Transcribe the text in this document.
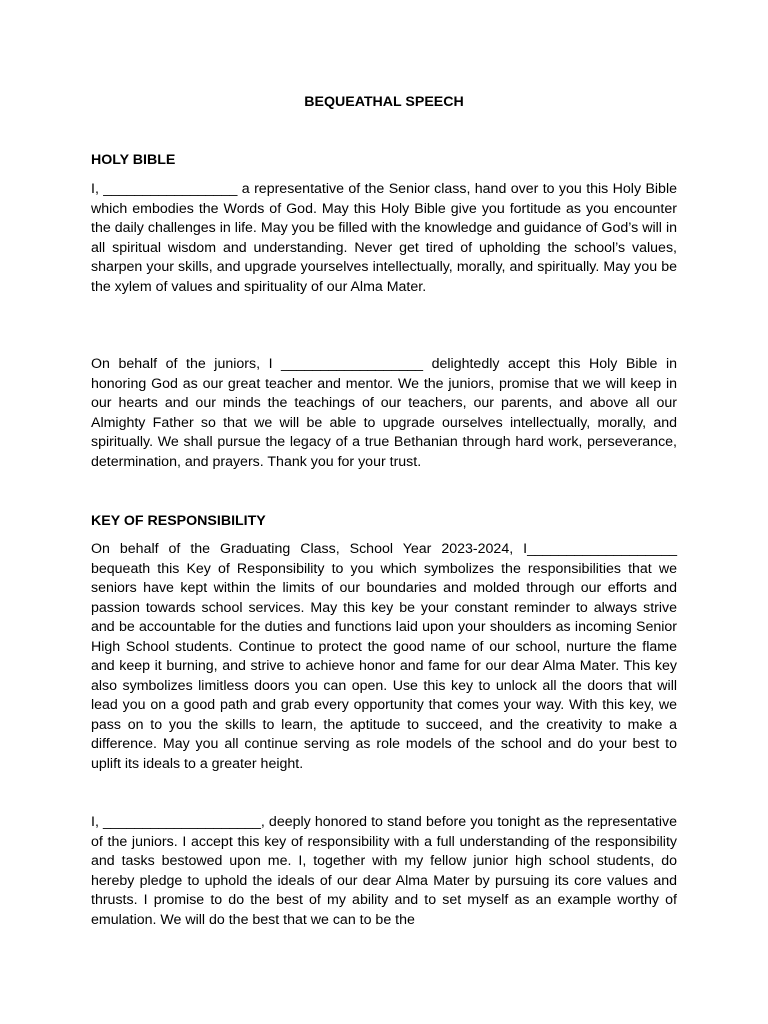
BEQUEATHAL SPEECH
HOLY BIBLE

I, _________________ a representative of the Senior class, hand over to you this Holy Bible which embodies the Words of God. May this Holy Bible give you fortitude as you encounter the daily challenges in life. May you be filled with the knowledge and guidance of God’s will in all spiritual wisdom and understanding. Never get tired of upholding the school’s values, sharpen your skills, and upgrade yourselves intellectually, morally, and spiritually. May you be the xylem of values and spirituality of our Alma Mater.

On behalf of the juniors, I __________________ delightedly accept this Holy Bible in honoring God as our great teacher and mentor. We the juniors, promise that we will keep in our hearts and our minds the teachings of our teachers, our parents, and above all our Almighty Father so that we will be able to upgrade ourselves intellectually, morally, and spiritually. We shall pursue the legacy of a true Bethanian through hard work, perseverance, determination, and prayers. Thank you for your trust.

KEY OF RESPONSIBILITY

On behalf of the Graduating Class, School Year 2023-2024, I___________________ bequeath this Key of Responsibility to you which symbolizes the responsibilities that we seniors have kept within the limits of our boundaries and molded through our efforts and passion towards school services. May this key be your constant reminder to always strive and be accountable for the duties and functions laid upon your shoulders as incoming Senior High School students. Continue to protect the good name of our school, nurture the flame and keep it burning, and strive to achieve honor and fame for our dear Alma Mater. This key also symbolizes limitless doors you can open. Use this key to unlock all the doors that will lead you on a good path and grab every opportunity that comes your way. With this key, we pass on to you the skills to learn, the aptitude to succeed, and the creativity to make a difference. May you all continue serving as role models of the school and do your best to uplift its ideals to a greater height.

I, ____________________, deeply honored to stand before you tonight as the representative of the juniors. I accept this key of responsibility with a full understanding of the responsibility and tasks bestowed upon me. I, together with my fellow junior high school students, do hereby pledge to uphold the ideals of our dear Alma Mater by pursuing its core values and thrusts. I promise to do the best of my ability and to set myself as an example worthy of emulation. We will do the best that we can to be the
